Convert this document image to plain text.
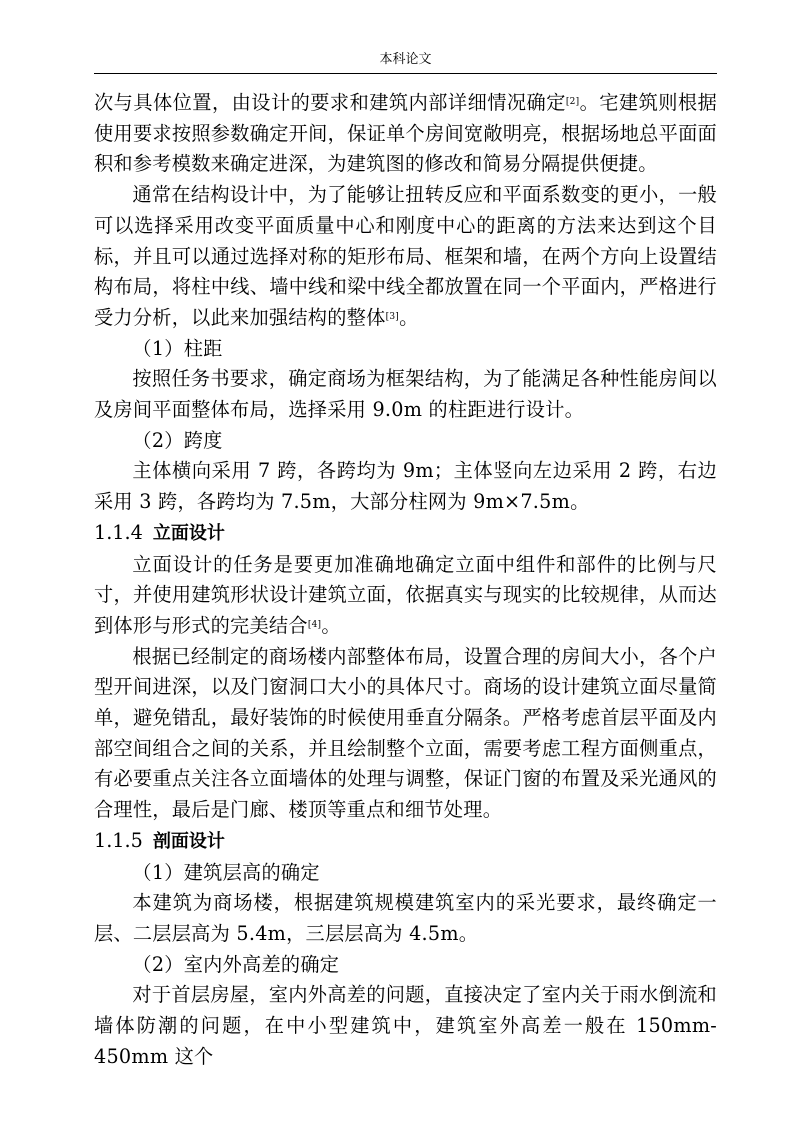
本科论文

次与具体位置，由设计的要求和建筑内部详细情况确定[2]。宅建筑则根据使用要求按照参数确定开间，保证单个房间宽敞明亮，根据场地总平面面积和参考模数来确定进深，为建筑图的修改和简易分隔提供便捷。

通常在结构设计中，为了能够让扭转反应和平面系数变的更小，一般可以选择采用改变平面质量中心和刚度中心的距离的方法来达到这个目标，并且可以通过选择对称的矩形布局、框架和墙，在两个方向上设置结构布局，将柱中线、墙中线和梁中线全都放置在同一个平面内，严格进行受力分析，以此来加强结构的整体[3]。

（1）柱距

按照任务书要求，确定商场为框架结构，为了能满足各种性能房间以及房间平面整体布局，选择采用 9.0m 的柱距进行设计。

（2）跨度

主体横向采用 7 跨，各跨均为 9m；主体竖向左边采用 2 跨，右边采用 3 跨，各跨均为 7.5m，大部分柱网为 9m×7.5m。

1.1.4 立面设计

立面设计的任务是要更加准确地确定立面中组件和部件的比例与尺寸，并使用建筑形状设计建筑立面，依据真实与现实的比较规律，从而达到体形与形式的完美结合[4]。

根据已经制定的商场楼内部整体布局，设置合理的房间大小，各个户型开间进深，以及门窗洞口大小的具体尺寸。商场的设计建筑立面尽量简单，避免错乱，最好装饰的时候使用垂直分隔条。严格考虑首层平面及内部空间组合之间的关系，并且绘制整个立面，需要考虑工程方面侧重点，有必要重点关注各立面墙体的处理与调整，保证门窗的布置及采光通风的合理性，最后是门廊、楼顶等重点和细节处理。

1.1.5 剖面设计

（1）建筑层高的确定

本建筑为商场楼，根据建筑规模建筑室内的采光要求，最终确定一层、二层层高为 5.4m，三层层高为 4.5m。

（2）室内外高差的确定

对于首层房屋，室内外高差的问题，直接决定了室内关于雨水倒流和墙体防潮的问题，在中小型建筑中，建筑室外高差一般在 150mm-450mm 这个
